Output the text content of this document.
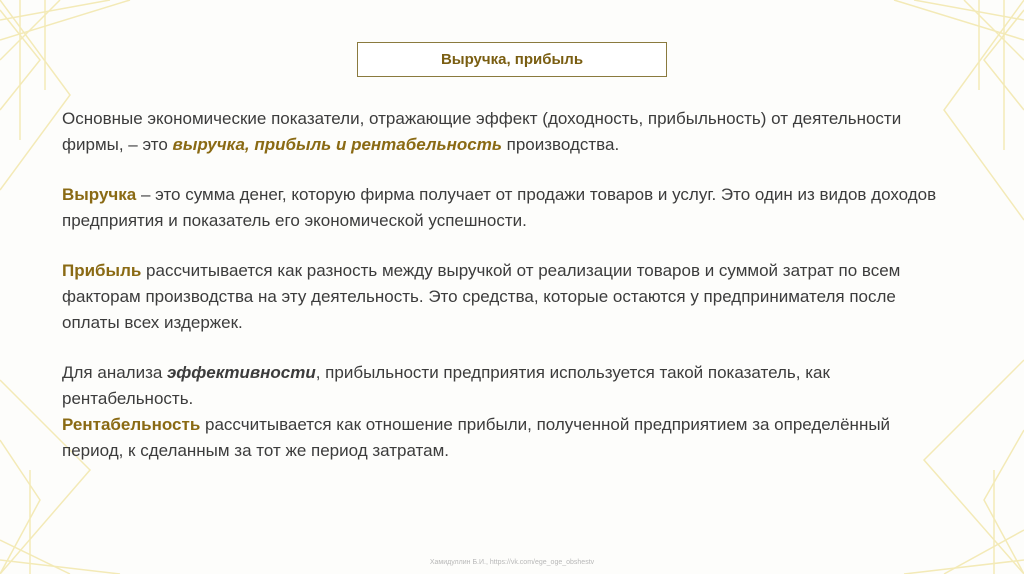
Выручка, прибыль

Основные экономические показатели, отражающие эффект (доходность, прибыльность) от деятельности фирмы, – это выручка, прибыль и рентабельность производства.

Выручка – это сумма денег, которую фирма получает от продажи товаров и услуг. Это один из видов доходов предприятия и показатель его экономической успешности.

Прибыль рассчитывается как разность между выручкой от реализации товаров и суммой затрат по всем факторам производства на эту деятельность. Это средства, которые остаются у предпринимателя после оплаты всех издержек.

Для анализа эффективности, прибыльности предприятия используется такой показатель, как рентабельность.

Рентабельность рассчитывается как отношение прибыли, полученной предприятием за определённый период, к сделанным за тот же период затратам.

Хамидуллин Б.И., https://vk.com/ege_oge_obshestv
